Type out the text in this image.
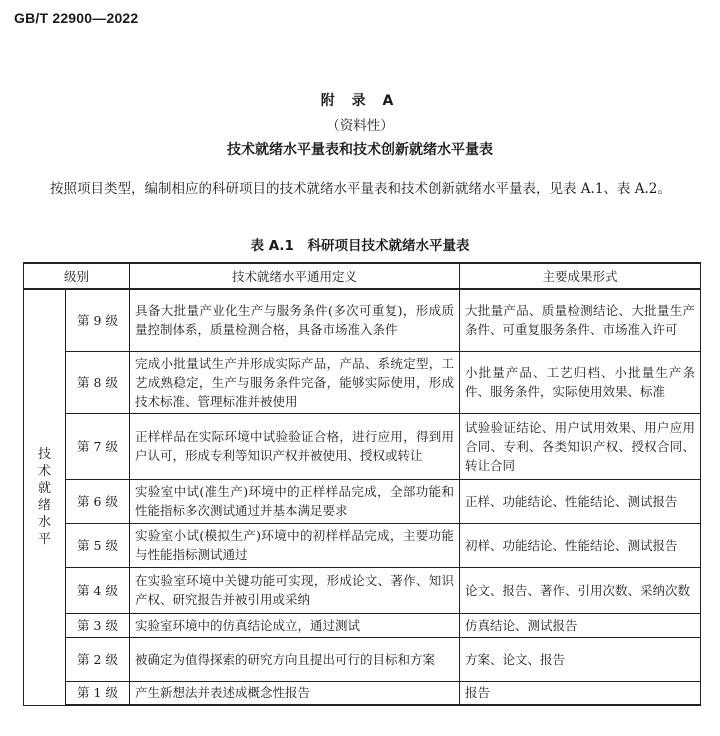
GB/T 22900—2022
附 录 A
（资料性）
技术就绪水平量表和技术创新就绪水平量表

按照项目类型，编制相应的科研项目的技术就绪水平量表和技术创新就绪水平量表，见表 A.1、表 A.2。

表 A.1　科研项目技术就绪水平量表
级别		技术就绪水平通用定义	主要成果形式
技术就绪水平	第 9 级	具备大批量产业化生产与服务条件(多次可重复)，形成质量控制体系，质量检测合格，具备市场准入条件	大批量产品、质量检测结论、大批量生产条件、可重复服务条件、市场准入许可
	第 8 级	完成小批量试生产并形成实际产品，产品、系统定型，工艺成熟稳定，生产与服务条件完备，能够实际使用，形成技术标准、管理标准并被使用	小批量产品、工艺归档、小批量生产条件、服务条件，实际使用效果、标准
	第 7 级	正样样品在实际环境中试验验证合格，进行应用，得到用户认可，形成专利等知识产权并被使用、授权或转让	试验验证结论、用户试用效果、用户应用合同、专利、各类知识产权、授权合同、转让合同
	第 6 级	实验室中试(准生产)环境中的正样样品完成，全部功能和性能指标多次测试通过并基本满足要求	正样、功能结论、性能结论、测试报告
	第 5 级	实验室小试(模拟生产)环境中的初样样品完成，主要功能与性能指标测试通过	初样、功能结论、性能结论、测试报告
	第 4 级	在实验室环境中关键功能可实现，形成论文、著作、知识产权、研究报告并被引用或采纳	论文、报告、著作、引用次数、采纳次数
	第 3 级	实验室环境中的仿真结论成立，通过测试	仿真结论、测试报告
	第 2 级	被确定为值得探索的研究方向且提出可行的目标和方案	方案、论文、报告
	第 1 级	产生新想法并表述成概念性报告	报告
